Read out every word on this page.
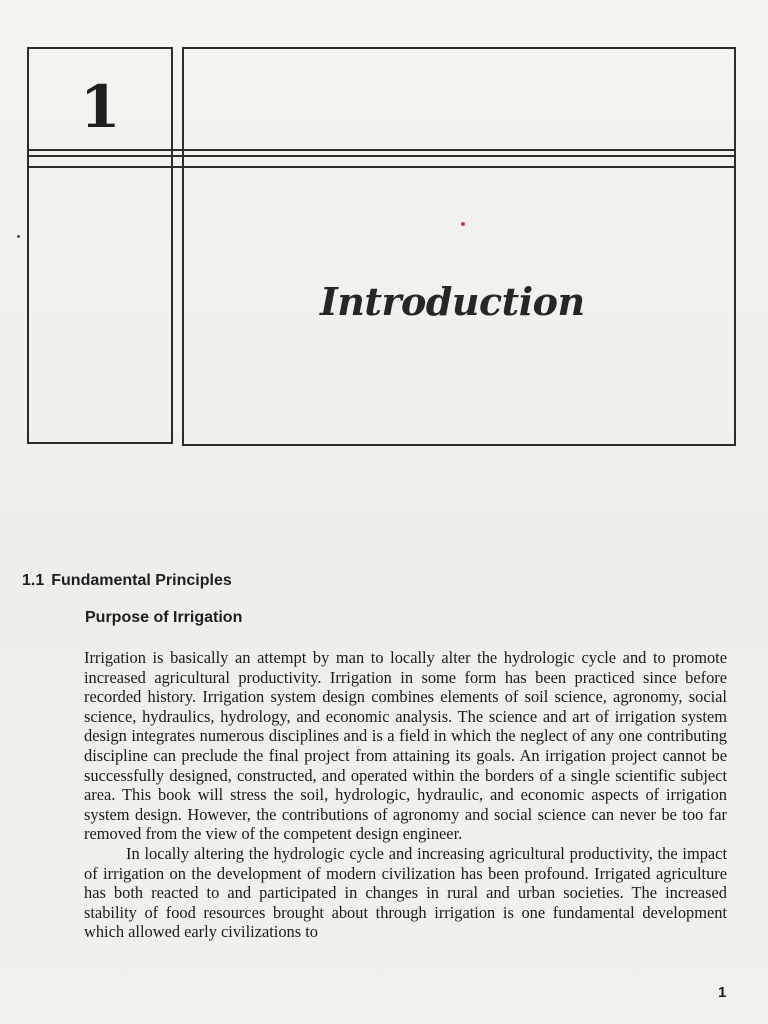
1
Introduction
1.1 Fundamental Principles
Purpose of Irrigation

Irrigation is basically an attempt by man to locally alter the hydrologic cycle and to promote increased agricultural productivity. Irrigation in some form has been practiced since before recorded history. Irrigation system design combines elements of soil science, agronomy, social science, hydraulics, hydrology, and economic analysis. The science and art of irrigation system design integrates numerous disciplines and is a field in which the neglect of any one contributing discipline can preclude the final project from attaining its goals. An irrigation project cannot be successfully designed, constructed, and operated within the borders of a single scientific subject area. This book will stress the soil, hydrologic, hydraulic, and economic aspects of irrigation system design. However, the contributions of agronomy and social science can never be too far removed from the view of the competent design engineer.

In locally altering the hydrologic cycle and increasing agricultural productivity, the impact of irrigation on the development of modern civilization has been profound. Irrigated agriculture has both reacted to and participated in changes in rural and urban societies. The increased stability of food resources brought about through irrigation is one fundamental development which allowed early civilizations to

1
